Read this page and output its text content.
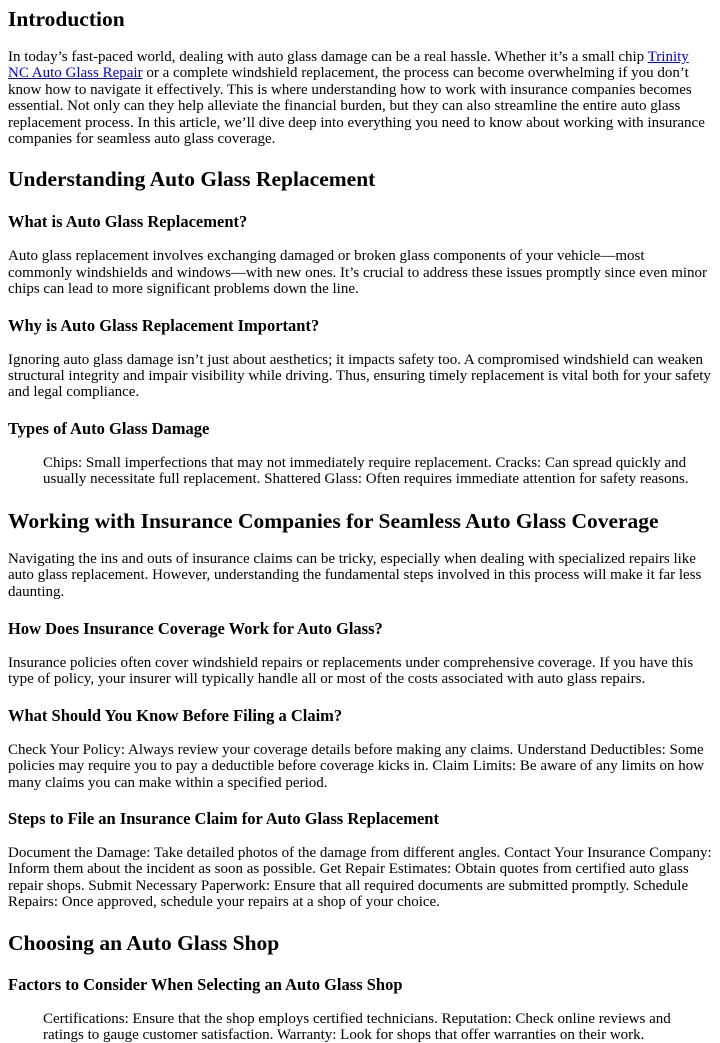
Introduction

In today’s fast-paced world, dealing with auto glass damage can be a real hassle. Whether it’s a small chip Trinity NC Auto Glass Repair or a complete windshield replacement, the process can become overwhelming if you don’t know how to navigate it effectively. This is where understanding how to work with insurance companies becomes essential. Not only can they help alleviate the financial burden, but they can also streamline the entire auto glass replacement process. In this article, we’ll dive deep into everything you need to know about working with insurance companies for seamless auto glass coverage.

Understanding Auto Glass Replacement
What is Auto Glass Replacement?

Auto glass replacement involves exchanging damaged or broken glass components of your vehicle—most commonly windshields and windows—with new ones. It’s crucial to address these issues promptly since even minor chips can lead to more significant problems down the line.

Why is Auto Glass Replacement Important?

Ignoring auto glass damage isn’t just about aesthetics; it impacts safety too. A compromised windshield can weaken structural integrity and impair visibility while driving. Thus, ensuring timely replacement is vital both for your safety and legal compliance.

Types of Auto Glass Damage

Chips: Small imperfections that may not immediately require replacement. Cracks: Can spread quickly and usually necessitate full replacement. Shattered Glass: Often requires immediate attention for safety reasons.

Working with Insurance Companies for Seamless Auto Glass Coverage

Navigating the ins and outs of insurance claims can be tricky, especially when dealing with specialized repairs like auto glass replacement. However, understanding the fundamental steps involved in this process will make it far less daunting.

How Does Insurance Coverage Work for Auto Glass?

Insurance policies often cover windshield repairs or replacements under comprehensive coverage. If you have this type of policy, your insurer will typically handle all or most of the costs associated with auto glass repairs.

What Should You Know Before Filing a Claim?

Check Your Policy: Always review your coverage details before making any claims. Understand Deductibles: Some policies may require you to pay a deductible before coverage kicks in. Claim Limits: Be aware of any limits on how many claims you can make within a specified period.

Steps to File an Insurance Claim for Auto Glass Replacement

Document the Damage: Take detailed photos of the damage from different angles. Contact Your Insurance Company: Inform them about the incident as soon as possible. Get Repair Estimates: Obtain quotes from certified auto glass repair shops. Submit Necessary Paperwork: Ensure that all required documents are submitted promptly. Schedule Repairs: Once approved, schedule your repairs at a shop of your choice.

Choosing an Auto Glass Shop
Factors to Consider When Selecting an Auto Glass Shop

Certifications: Ensure that the shop employs certified technicians. Reputation: Check online reviews and ratings to gauge customer satisfaction. Warranty: Look for shops that offer warranties on their work.
